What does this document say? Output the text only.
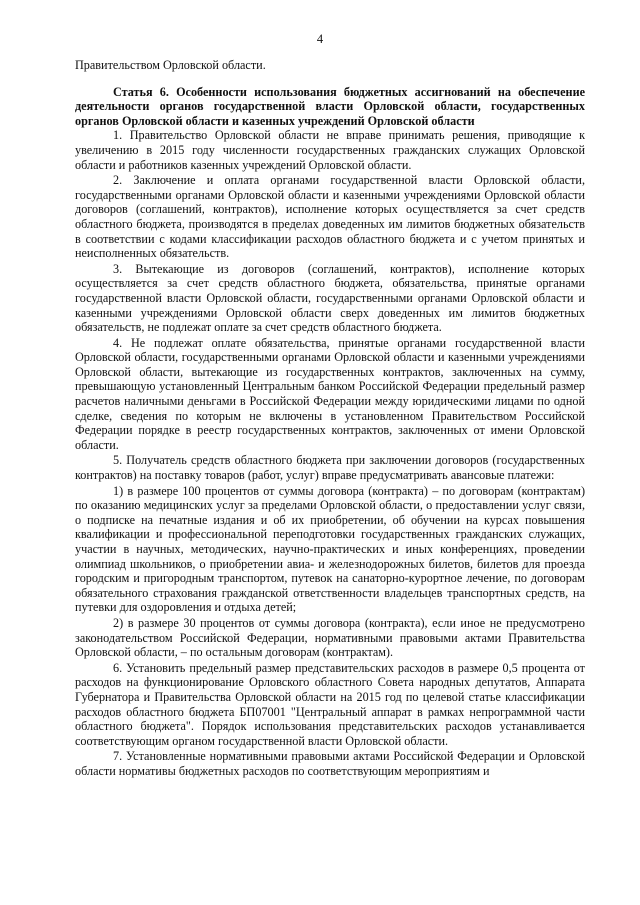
4

Правительством Орловской области.

Статья 6. Особенности использования бюджетных ассигнований на обеспечение деятельности органов государственной власти Орловской области, государственных органов Орловской области и казенных учреждений Орловской области

1. Правительство Орловской области не вправе принимать решения, приводящие к увеличению в 2015 году численности государственных гражданских служащих Орловской области и работников казенных учреждений Орловской области.

2. Заключение и оплата органами государственной власти Орловской области, государственными органами Орловской области и казенными учреждениями Орловской области договоров (соглашений, контрактов), исполнение которых осуществляется за счет средств областного бюджета, производятся в пределах доведенных им лимитов бюджетных обязательств в соответствии с кодами классификации расходов областного бюджета и с учетом принятых и неисполненных обязательств.

3. Вытекающие из договоров (соглашений, контрактов), исполнение которых осуществляется за счет средств областного бюджета, обязательства, принятые органами государственной власти Орловской области, государственными органами Орловской области и казенными учреждениями Орловской области сверх доведенных им лимитов бюджетных обязательств, не подлежат оплате за счет средств областного бюджета.

4. Не подлежат оплате обязательства, принятые органами государственной власти Орловской области, государственными органами Орловской области и казенными учреждениями Орловской области, вытекающие из государственных контрактов, заключенных на сумму, превышающую установленный Центральным банком Российской Федерации предельный размер расчетов наличными деньгами в Российской Федерации между юридическими лицами по одной сделке, сведения по которым не включены в установленном Правительством Российской Федерации порядке в реестр государственных контрактов, заключенных от имени Орловской области.

5. Получатель средств областного бюджета при заключении договоров (государственных контрактов) на поставку товаров (работ, услуг) вправе предусматривать авансовые платежи:

1) в размере 100 процентов от суммы договора (контракта) – по договорам (контрактам) по оказанию медицинских услуг за пределами Орловской области, о предоставлении услуг связи, о подписке на печатные издания и об их приобретении, об обучении на курсах повышения квалификации и профессиональной переподготовки государственных гражданских служащих, участии в научных, методических, научно-практических и иных конференциях, проведении олимпиад школьников, о приобретении авиа- и железнодорожных билетов, билетов для проезда городским и пригородным транспортом, путевок на санаторно-курортное лечение, по договорам обязательного страхования гражданской ответственности владельцев транспортных средств, на путевки для оздоровления и отдыха детей;

2) в размере 30 процентов от суммы договора (контракта), если иное не предусмотрено законодательством Российской Федерации, нормативными правовыми актами Правительства Орловской области, – по остальным договорам (контрактам).

6. Установить предельный размер представительских расходов в размере 0,5 процента от расходов на функционирование Орловского областного Совета народных депутатов, Аппарата Губернатора и Правительства Орловской области на 2015 год по целевой статье классификации расходов областного бюджета БП07001 "Центральный аппарат в рамках непрограммной части областного бюджета". Порядок использования представительских расходов устанавливается соответствующим органом государственной власти Орловской области.

7. Установленные нормативными правовыми актами Российской Федерации и Орловской области нормативы бюджетных расходов по соответствующим мероприятиям и
